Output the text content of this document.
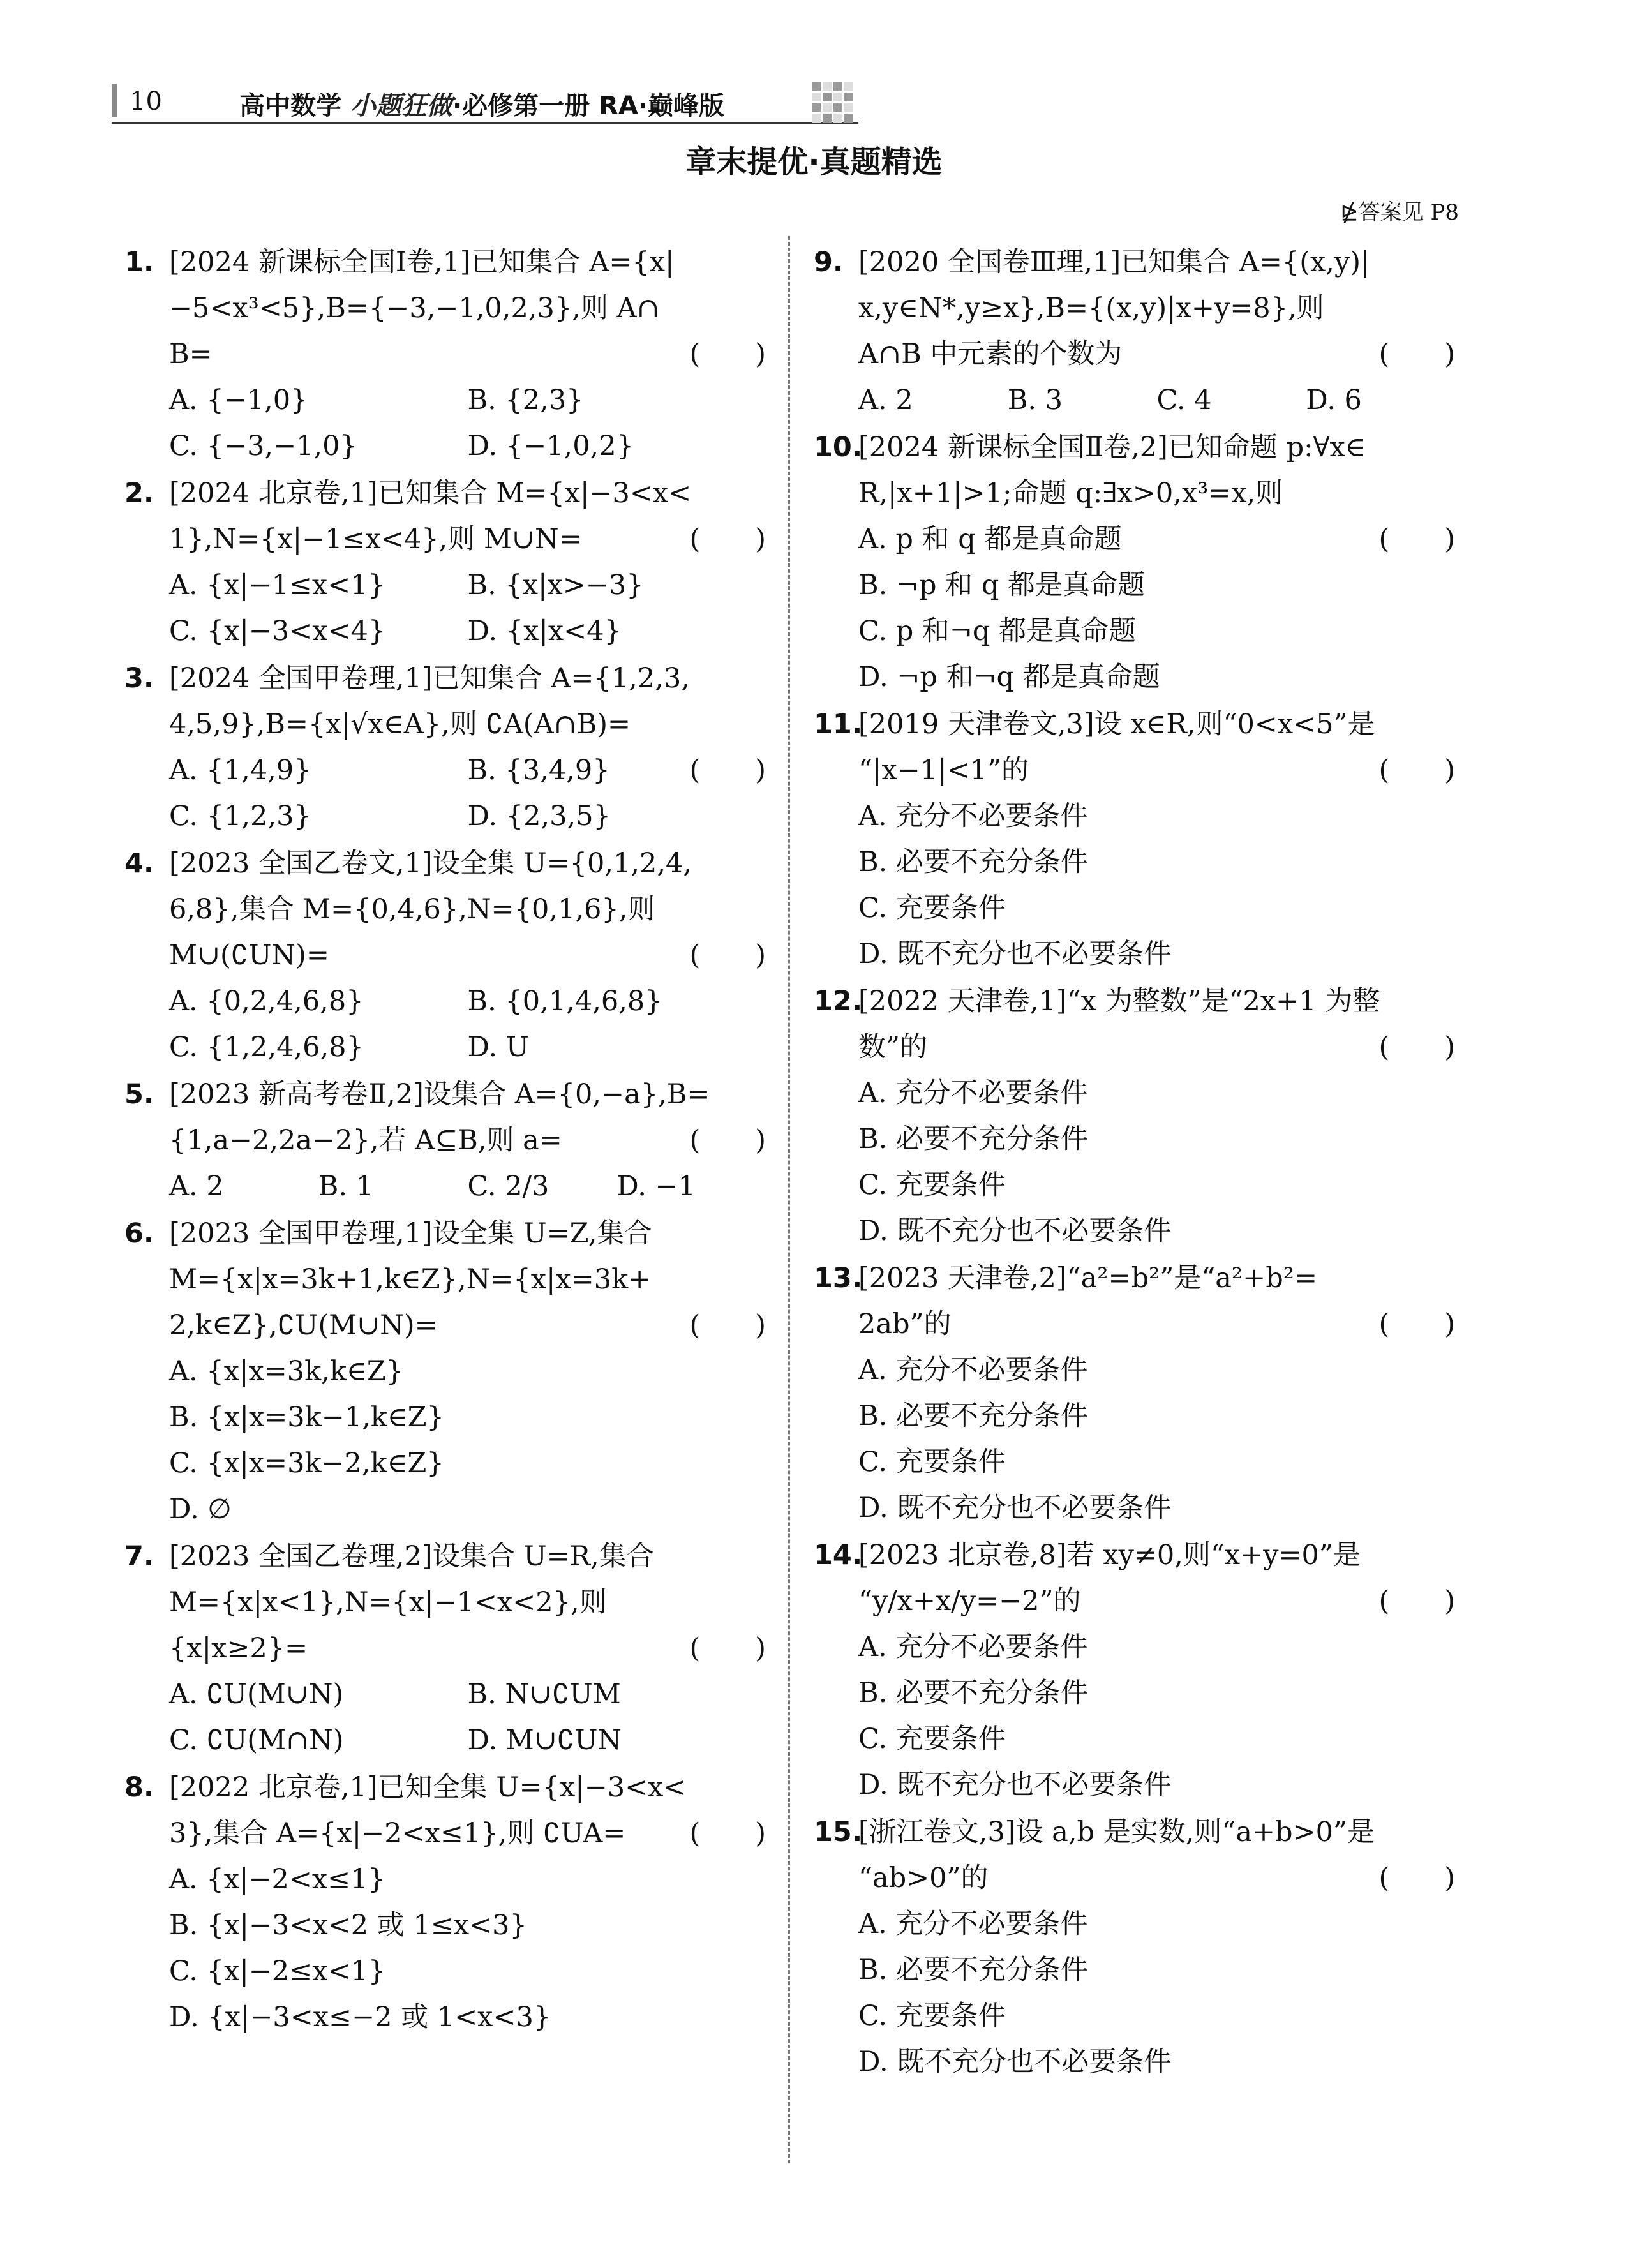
10	高中数学 小题狂做·必修第一册 RA·巅峰版
章末提优·真题精选
⋭答案见 P8
1. [2024 新课标全国Ⅰ卷,1]已知集合 A={x|
−5<x³<5},B={−3,−1,0,2,3},则 A∩
B=	(　　)
A. {−1,0}	B. {2,3}
C. {−3,−1,0}	D. {−1,0,2}
2. [2024 北京卷,1]已知集合 M={x|−3<x<
1},N={x|−1≤x<4},则 M∪N=	(　　)
A. {x|−1≤x<1}	B. {x|x>−3}
C. {x|−3<x<4}	D. {x|x<4}
3. [2024 全国甲卷理,1]已知集合 A={1,2,3,
4,5,9},B={x|√x∈A},则 ∁A(A∩B)=
(　　)
A. {1,4,9}	B. {3,4,9}
C. {1,2,3}	D. {2,3,5}
4. [2023 全国乙卷文,1]设全集 U={0,1,2,4,
6,8},集合 M={0,4,6},N={0,1,6},则
M∪(∁UN)=	(　　)
A. {0,2,4,6,8}	B. {0,1,4,6,8}
C. {1,2,4,6,8}	D. U
5. [2023 新高考卷Ⅱ,2]设集合 A={0,−a},B=
{1,a−2,2a−2},若 A⊆B,则 a=	(　　)
A. 2	B. 1	C. 2/3	D. −1
6. [2023 全国甲卷理,1]设全集 U=Z,集合
M={x|x=3k+1,k∈Z},N={x|x=3k+
2,k∈Z},∁U(M∪N)=	(　　)
A. {x|x=3k,k∈Z}
B. {x|x=3k−1,k∈Z}
C. {x|x=3k−2,k∈Z}
D. ∅
7. [2023 全国乙卷理,2]设集合 U=R,集合
M={x|x<1},N={x|−1<x<2},则
{x|x≥2}=	(　　)
A. ∁U(M∪N)	B. N∪∁UM
C. ∁U(M∩N)	D. M∪∁UN
8. [2022 北京卷,1]已知全集 U={x|−3<x<
3},集合 A={x|−2<x≤1},则 ∁UA= (　　)
A. {x|−2<x≤1}
B. {x|−3<x<2 或 1≤x<3}
C. {x|−2≤x<1}
D. {x|−3<x≤−2 或 1<x<3}
9. [2020 全国卷Ⅲ理,1]已知集合 A={(x,y)|
x,y∈N*,y≥x},B={(x,y)|x+y=8},则
A∩B 中元素的个数为	(　　)
A. 2	B. 3	C. 4	D. 6
10.
[2024 新课标全国Ⅱ卷,2]已知命题 p:∀x∈
R,|x+1|>1;命题 q:∃x>0,x³=x,则
(　　)
A. p 和 q 都是真命题
B. ¬p 和 q 都是真命题
C. p 和¬q 都是真命题
D. ¬p 和¬q 都是真命题
11.
[2019 天津卷文,3]设 x∈R,则“0<x<5”是
“|x−1|<1”的	(　　)
A. 充分不必要条件
B. 必要不充分条件
C. 充要条件
D. 既不充分也不必要条件
12.
[2022 天津卷,1]“x 为整数”是“2x+1 为整
数”的	(　　)
A. 充分不必要条件
B. 必要不充分条件
C. 充要条件
D. 既不充分也不必要条件
13.
[2023 天津卷,2]“a²=b²”是“a²+b²=
2ab”的	(　　)
A. 充分不必要条件
B. 必要不充分条件
C. 充要条件
D. 既不充分也不必要条件
14.
[2023 北京卷,8]若 xy≠0,则“x+y=0”是
“y/x+x/y=−2”的	(　　)
A. 充分不必要条件
B. 必要不充分条件
C. 充要条件
D. 既不充分也不必要条件
15.
[浙江卷文,3]设 a,b 是实数,则“a+b>0”是
“ab>0”的	(　　)
A. 充分不必要条件
B. 必要不充分条件
C. 充要条件
D. 既不充分也不必要条件
